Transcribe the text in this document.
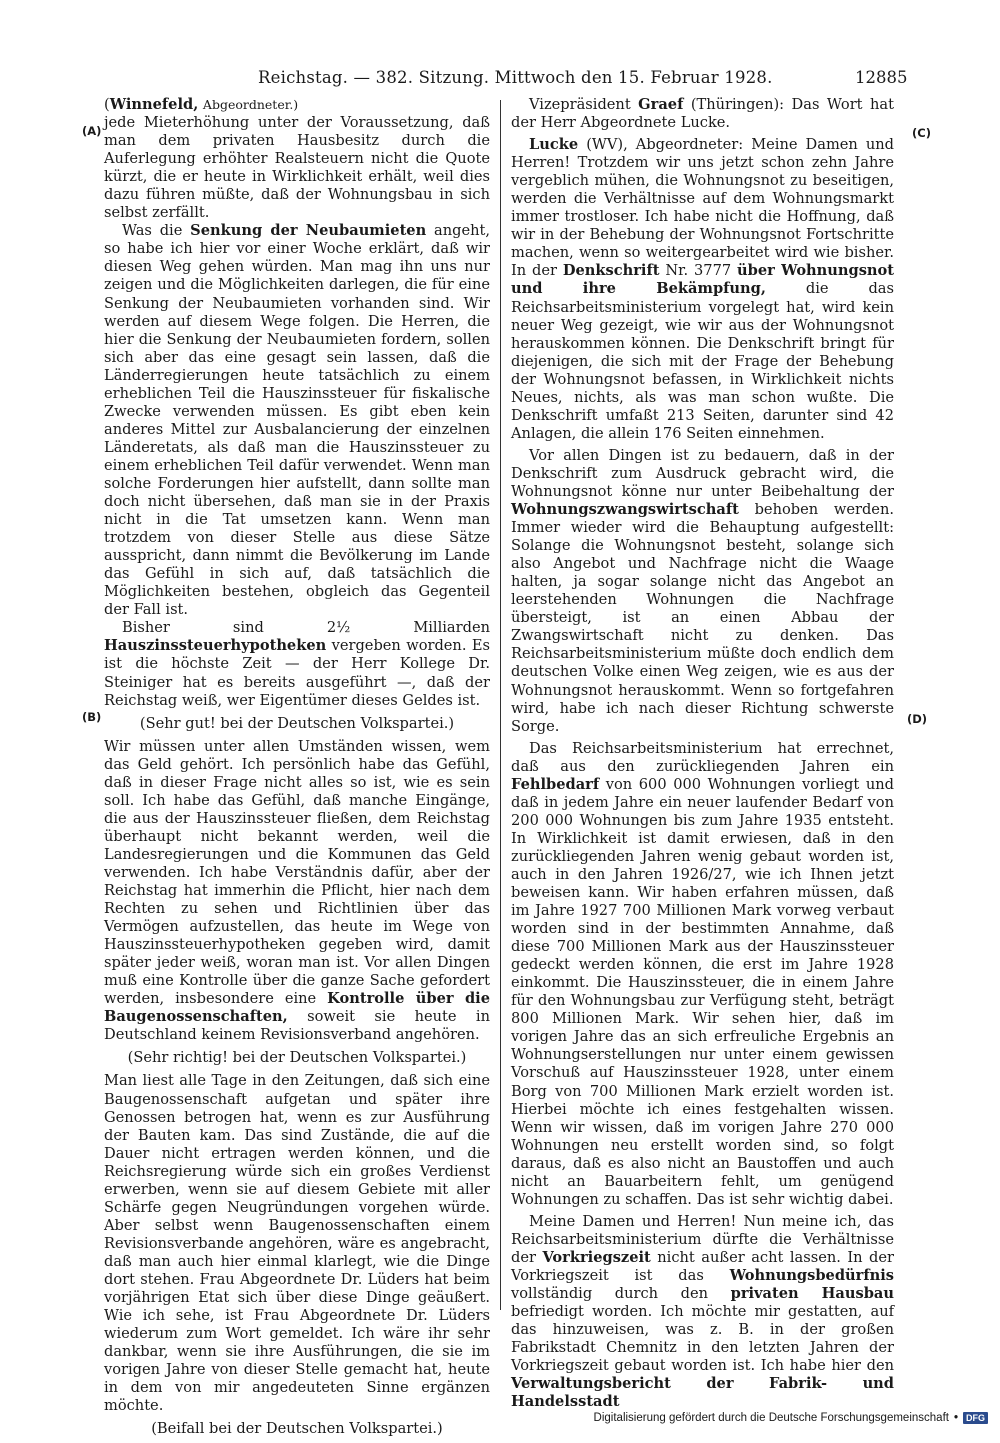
Reichstag. — 382. Sitzung. Mittwoch den 15. Februar 1928.	12885
(A)
(B)
(C)
(D)

(Winnefeld, Abgeordneter.)

jede Mieterhöhung unter der Voraussetzung, daß man dem privaten Hausbesitz durch die Auferlegung erhöhter Realsteuern nicht die Quote kürzt, die er heute in Wirklichkeit erhält, weil dies dazu führen müßte, daß der Wohnungsbau in sich selbst zerfällt.

Was die Senkung der Neubaumieten angeht, so habe ich hier vor einer Woche erklärt, daß wir diesen Weg gehen würden. Man mag ihn uns nur zeigen und die Möglichkeiten darlegen, die für eine Senkung der Neubaumieten vorhanden sind. Wir werden auf diesem Wege folgen. Die Herren, die hier die Senkung der Neubaumieten fordern, sollen sich aber das eine gesagt sein lassen, daß die Länderregierungen heute tatsächlich zu einem erheblichen Teil die Hauszinssteuer für fiskalische Zwecke verwenden müssen. Es gibt eben kein anderes Mittel zur Ausbalancierung der einzelnen Länderetats, als daß man die Hauszinssteuer zu einem erheblichen Teil dafür verwendet. Wenn man solche Forderungen hier aufstellt, dann sollte man doch nicht übersehen, daß man sie in der Praxis nicht in die Tat umsetzen kann. Wenn man trotzdem von dieser Stelle aus diese Sätze ausspricht, dann nimmt die Bevölkerung im Lande das Gefühl in sich auf, daß tatsächlich die Möglichkeiten bestehen, obgleich das Gegenteil der Fall ist.

Bisher sind 2½ Milliarden Hauszinssteuerhypotheken vergeben worden. Es ist die höchste Zeit — der Herr Kollege Dr. Steiniger hat es bereits ausgeführt —, daß der Reichstag weiß, wer Eigentümer dieses Geldes ist.

(Sehr gut! bei der Deutschen Volkspartei.)

Wir müssen unter allen Umständen wissen, wem das Geld gehört. Ich persönlich habe das Gefühl, daß in dieser Frage nicht alles so ist, wie es sein soll. Ich habe das Gefühl, daß manche Eingänge, die aus der Hauszinssteuer fließen, dem Reichstag überhaupt nicht bekannt werden, weil die Landesregierungen und die Kommunen das Geld verwenden. Ich habe Verständnis dafür, aber der Reichstag hat immerhin die Pflicht, hier nach dem Rechten zu sehen und Richtlinien über das Vermögen aufzustellen, das heute im Wege von Hauszinssteuerhypotheken gegeben wird, damit später jeder weiß, woran man ist. Vor allen Dingen muß eine Kontrolle über die ganze Sache gefordert werden, insbesondere eine Kontrolle über die Baugenossenschaften, soweit sie heute in Deutschland keinem Revisionsverband angehören.

(Sehr richtig! bei der Deutschen Volkspartei.)

Man liest alle Tage in den Zeitungen, daß sich eine Baugenossenschaft aufgetan und später ihre Genossen betrogen hat, wenn es zur Ausführung der Bauten kam. Das sind Zustände, die auf die Dauer nicht ertragen werden können, und die Reichsregierung würde sich ein großes Verdienst erwerben, wenn sie auf diesem Gebiete mit aller Schärfe gegen Neugründungen vorgehen würde. Aber selbst wenn Baugenossenschaften einem Revisionsverbande angehören, wäre es angebracht, daß man auch hier einmal klarlegt, wie die Dinge dort stehen. Frau Abgeordnete Dr. Lüders hat beim vorjährigen Etat sich über diese Dinge geäußert. Wie ich sehe, ist Frau Abgeordnete Dr. Lüders wiederum zum Wort gemeldet. Ich wäre ihr sehr dankbar, wenn sie ihre Ausführungen, die sie im vorigen Jahre von dieser Stelle gemacht hat, heute in dem von mir angedeuteten Sinne ergänzen möchte.

(Beifall bei der Deutschen Volkspartei.)

Vizepräsident Graef (Thüringen): Das Wort hat der Herr Abgeordnete Lucke.

Lucke (WV), Abgeordneter: Meine Damen und Herren! Trotzdem wir uns jetzt schon zehn Jahre vergeblich mühen, die Wohnungsnot zu beseitigen, werden die Verhältnisse auf dem Wohnungsmarkt immer trostloser. Ich habe nicht die Hoffnung, daß wir in der Behebung der Wohnungsnot Fortschritte machen, wenn so weitergearbeitet wird wie bisher. In der Denkschrift Nr. 3777 über Wohnungsnot und ihre Bekämpfung, die das Reichsarbeitsministerium vorgelegt hat, wird kein neuer Weg gezeigt, wie wir aus der Wohnungsnot herauskommen können. Die Denkschrift bringt für diejenigen, die sich mit der Frage der Behebung der Wohnungsnot befassen, in Wirklichkeit nichts Neues, nichts, als was man schon wußte. Die Denkschrift umfaßt 213 Seiten, darunter sind 42 Anlagen, die allein 176 Seiten einnehmen.

Vor allen Dingen ist zu bedauern, daß in der Denkschrift zum Ausdruck gebracht wird, die Wohnungsnot könne nur unter Beibehaltung der Wohnungszwangswirtschaft behoben werden. Immer wieder wird die Behauptung aufgestellt: Solange die Wohnungsnot besteht, solange sich also Angebot und Nachfrage nicht die Waage halten, ja sogar solange nicht das Angebot an leerstehenden Wohnungen die Nachfrage übersteigt, ist an einen Abbau der Zwangswirtschaft nicht zu denken. Das Reichsarbeitsministerium müßte doch endlich dem deutschen Volke einen Weg zeigen, wie es aus der Wohnungsnot herauskommt. Wenn so fortgefahren wird, habe ich nach dieser Richtung schwerste Sorge.

Das Reichsarbeitsministerium hat errechnet, daß aus den zurückliegenden Jahren ein Fehlbedarf von 600 000 Wohnungen vorliegt und daß in jedem Jahre ein neuer laufender Bedarf von 200 000 Wohnungen bis zum Jahre 1935 entsteht. In Wirklichkeit ist damit erwiesen, daß in den zurückliegenden Jahren wenig gebaut worden ist, auch in den Jahren 1926/27, wie ich Ihnen jetzt beweisen kann. Wir haben erfahren müssen, daß im Jahre 1927 700 Millionen Mark vorweg verbaut worden sind in der bestimmten Annahme, daß diese 700 Millionen Mark aus der Hauszinssteuer gedeckt werden können, die erst im Jahre 1928 einkommt. Die Hauszinssteuer, die in einem Jahre für den Wohnungsbau zur Verfügung steht, beträgt 800 Millionen Mark. Wir sehen hier, daß im vorigen Jahre das an sich erfreuliche Ergebnis an Wohnungserstellungen nur unter einem gewissen Vorschuß auf Hauszinssteuer 1928, unter einem Borg von 700 Millionen Mark erzielt worden ist. Hierbei möchte ich eines festgehalten wissen. Wenn wir wissen, daß im vorigen Jahre 270 000 Wohnungen neu erstellt worden sind, so folgt daraus, daß es also nicht an Baustoffen und auch nicht an Bauarbeitern fehlt, um genügend Wohnungen zu schaffen. Das ist sehr wichtig dabei.

Meine Damen und Herren! Nun meine ich, das Reichsarbeitsministerium dürfte die Verhältnisse der Vorkriegszeit nicht außer acht lassen. In der Vorkriegszeit ist das Wohnungsbedürfnis vollständig durch den privaten Hausbau befriedigt worden. Ich möchte mir gestatten, auf das hinzuweisen, was z. B. in der großen Fabrikstadt Chemnitz in den letzten Jahren der Vorkriegszeit gebaut worden ist. Ich habe hier den Verwaltungsbericht der Fabrik- und Handelsstadt

Digitalisierung gefördert durch die Deutsche Forschungsgemeinschaft • DFG
